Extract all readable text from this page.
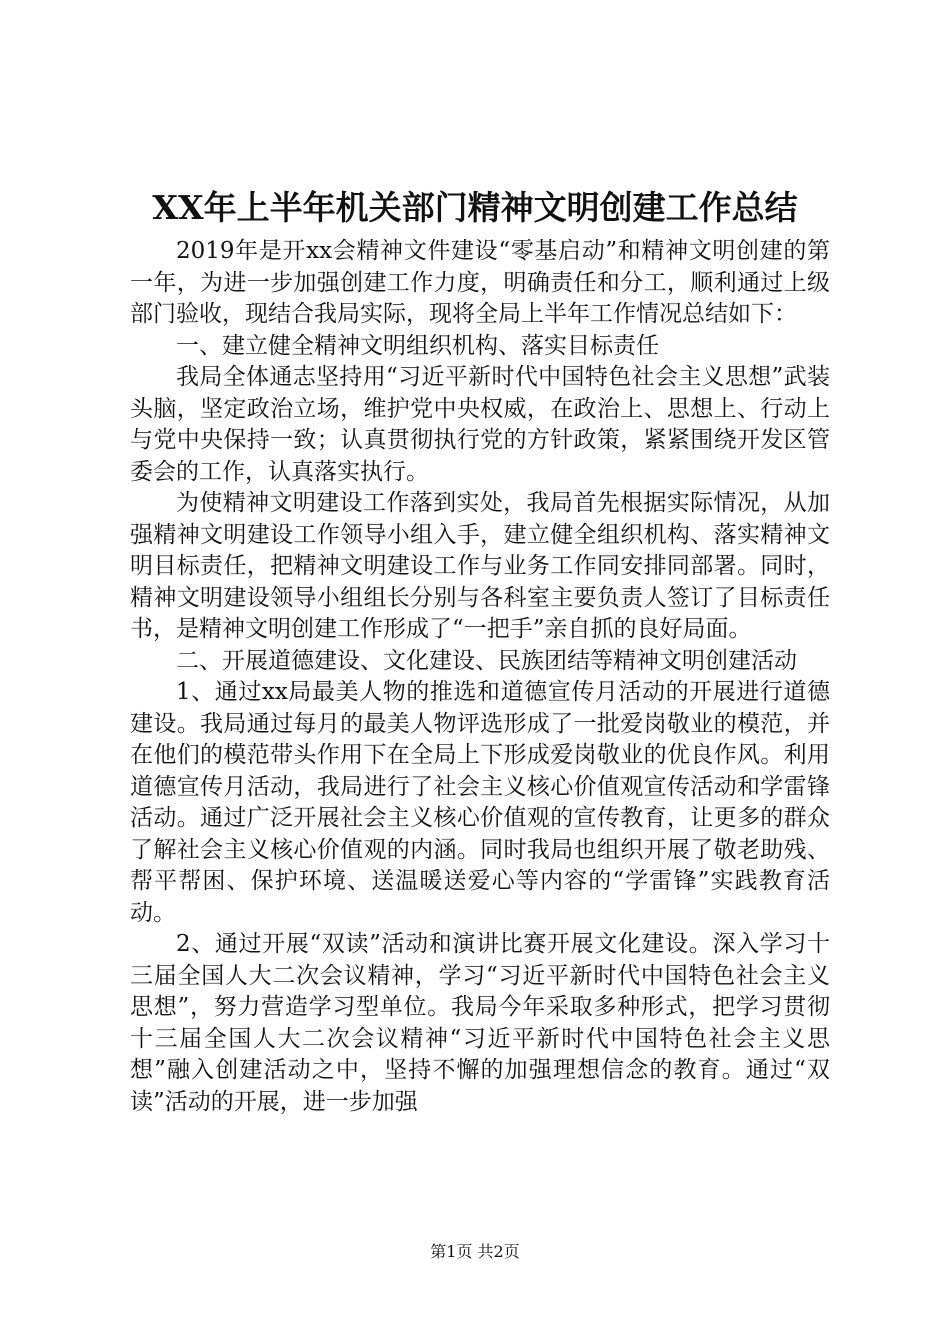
XX年上半年机关部门精神文明创建工作总结

2019年是开xx会精神文件建设“零基启动”和精神文明创建的第一年，为进一步加强创建工作力度，明确责任和分工，顺利通过上级部门验收，现结合我局实际，现将全局上半年工作情况总结如下：

一、建立健全精神文明组织机构、落实目标责任

我局全体通志坚持用“习近平新时代中国特色社会主义思想”武装头脑，坚定政治立场，维护党中央权威，在政治上、思想上、行动上与党中央保持一致；认真贯彻执行党的方针政策，紧紧围绕开发区管委会的工作，认真落实执行。

为使精神文明建设工作落到实处，我局首先根据实际情况，从加强精神文明建设工作领导小组入手，建立健全组织机构、落实精神文明目标责任，把精神文明建设工作与业务工作同安排同部署。同时，精神文明建设领导小组组长分别与各科室主要负责人签订了目标责任书，是精神文明创建工作形成了“一把手”亲自抓的良好局面。

二、开展道德建设、文化建设、民族团结等精神文明创建活动

1、通过xx局最美人物的推选和道德宣传月活动的开展进行道德建设。我局通过每月的最美人物评选形成了一批爱岗敬业的模范，并在他们的模范带头作用下在全局上下形成爱岗敬业的优良作风。利用道德宣传月活动，我局进行了社会主义核心价值观宣传活动和学雷锋活动。通过广泛开展社会主义核心价值观的宣传教育，让更多的群众了解社会主义核心价值观的内涵。同时我局也组织开展了敬老助残、帮平帮困、保护环境、送温暖送爱心等内容的“学雷锋”实践教育活动。

2、通过开展“双读”活动和演讲比赛开展文化建设。深入学习十三届全国人大二次会议精神，学习“习近平新时代中国特色社会主义思想”，努力营造学习型单位。我局今年采取多种形式，把学习贯彻十三届全国人大二次会议精神“习近平新时代中国特色社会主义思想”融入创建活动之中，坚持不懈的加强理想信念的教育。通过“双读”活动的开展，进一步加强

第1页 共2页
